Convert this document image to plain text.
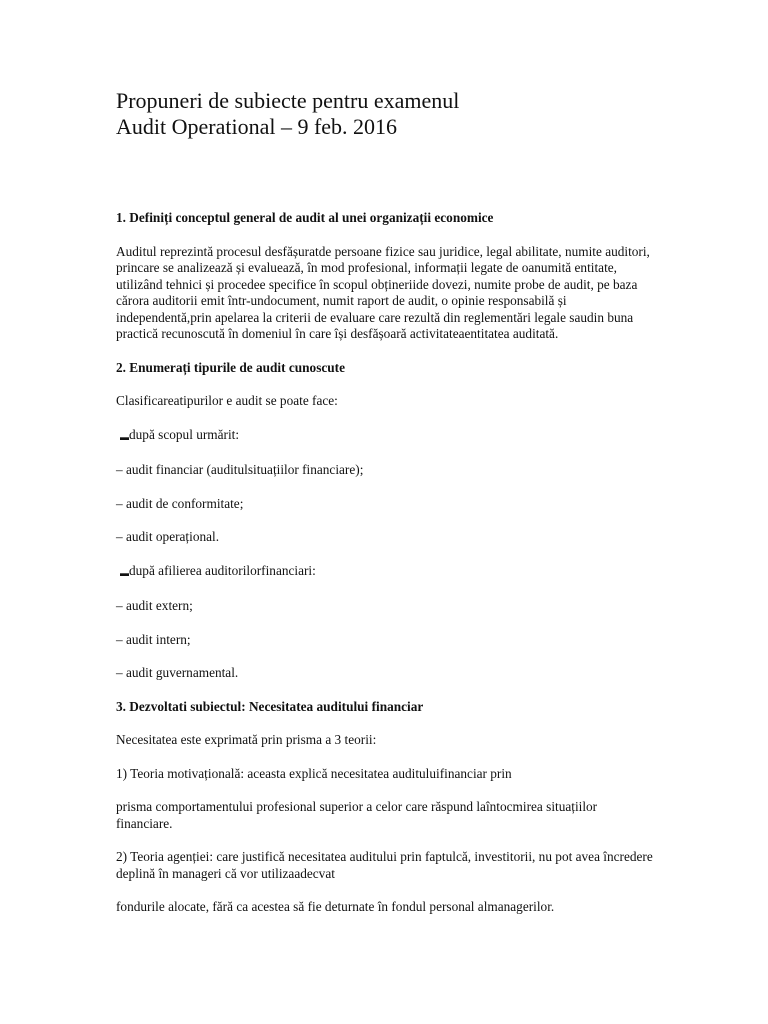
Propuneri de subiecte pentru examenul
Audit Operational – 9 feb. 2016

1. Definiți conceptul general de audit al unei organizații economice

Auditul reprezintă procesul desfășuratde persoane fizice sau juridice, legal abilitate, numite auditori, princare se analizează și evaluează, în mod profesional, informații legate de oanumită entitate, utilizând tehnici și procedee specifice în scopul obțineriide dovezi, numite probe de audit, pe baza cărora auditorii emit într-undocument, numit raport de audit, o opinie responsabilă și independentă,prin apelarea la criterii de evaluare care rezultă din reglementări legale saudin buna practică recunoscută în domeniul în care își desfășoară activitateaentitatea auditată.

2. Enumerați tipurile de audit cunoscute

Clasificareatipurilor e audit se poate face:

▬după scopul urmărit:

– audit financiar (auditulsituațiilor financiare);

– audit de conformitate;

– audit operațional.

▬după afilierea auditorilorfinanciari:

– audit extern;

– audit intern;

– audit guvernamental.

3. Dezvoltati subiectul: Necesitatea auditului financiar

Necesitatea este exprimată prin prisma a 3 teorii:

1) Teoria motivațională: aceasta explică necesitatea audituluifinanciar prin

prisma comportamentului profesional superior a celor care răspund laîntocmirea situațiilor financiare.

2) Teoria agenției: care justifică necesitatea auditului prin faptulcă, investitorii, nu pot avea încredere deplină în manageri că vor utilizaadecvat

fondurile alocate, fără ca acestea să fie deturnate în fondul personal almanagerilor.
